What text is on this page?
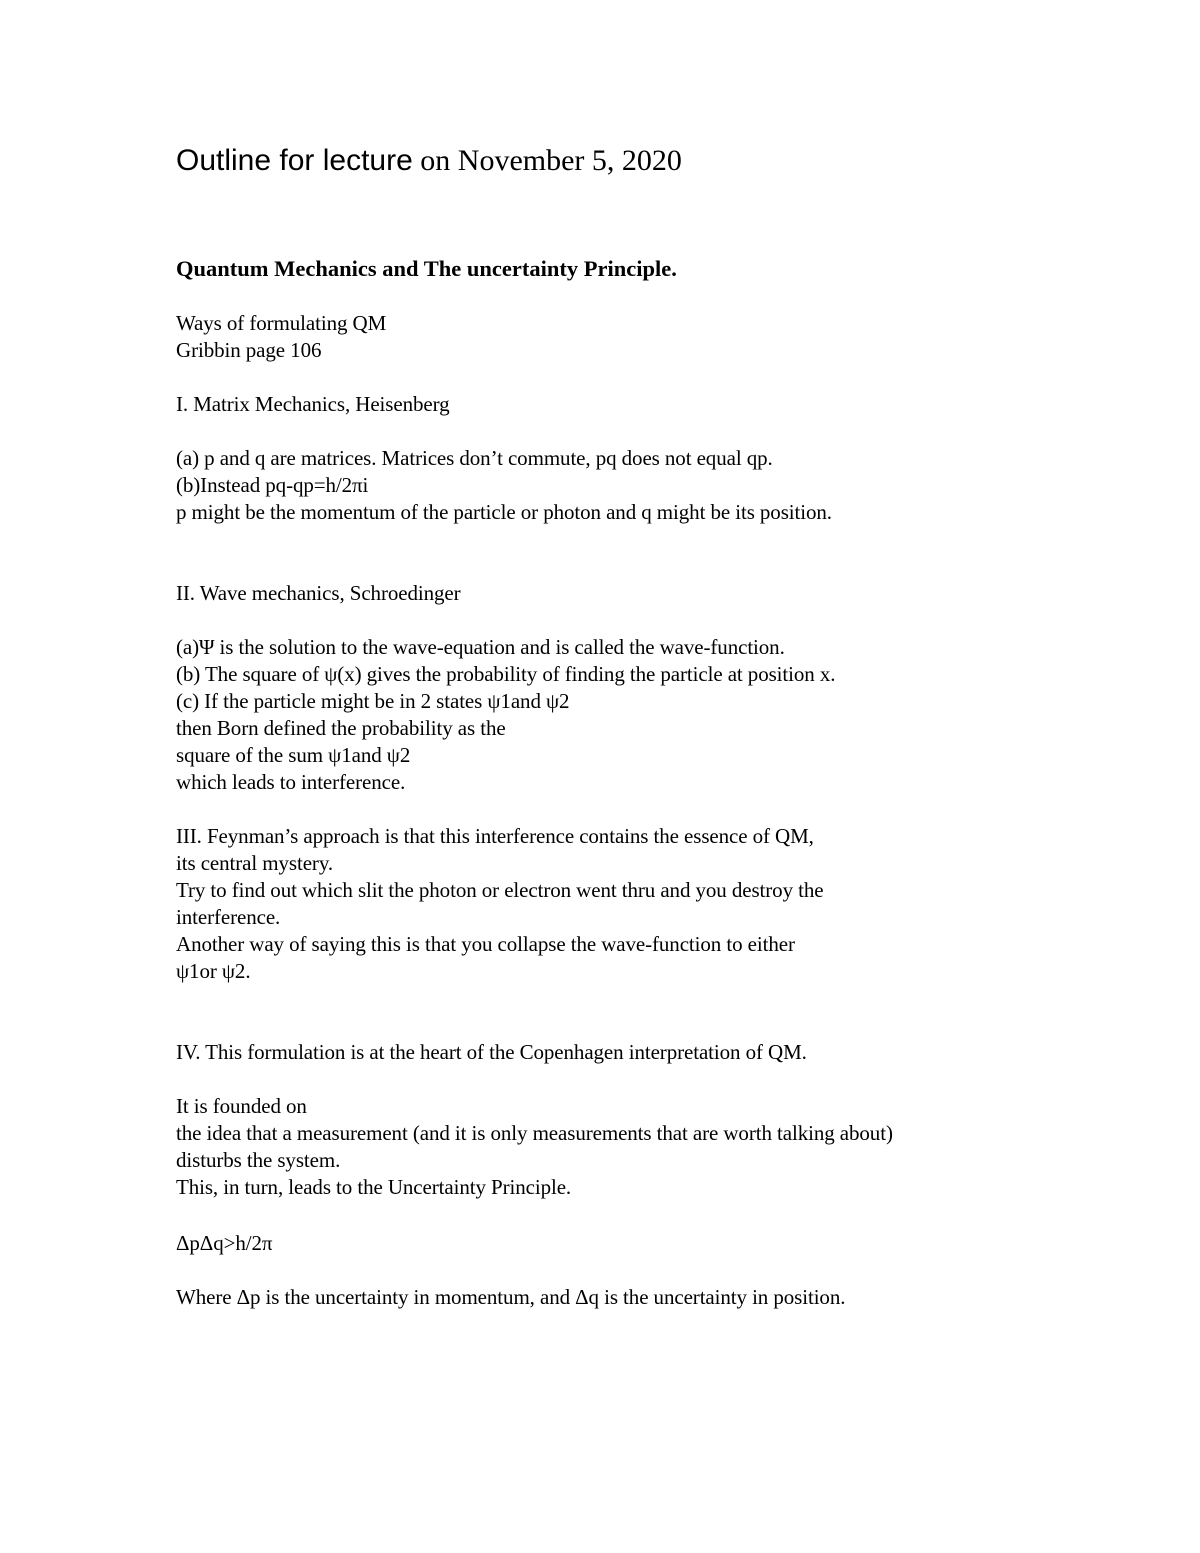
Outline for lecture on November 5, 2020
Quantum Mechanics and The uncertainty Principle.
Ways of formulating QM
Gribbin page 106
I. Matrix Mechanics, Heisenberg
(a) p and q are matrices. Matrices don’t commute, pq does not equal qp.
(b)Instead pq-qp=h/2πi
p might be the momentum of the particle or photon and q might be its position.
II. Wave mechanics, Schroedinger
(a)Ψ is the solution to the wave-equation and is called the wave-function.
(b) The square of ψ(x) gives the probability of finding the particle at position x.
(c) If the particle might be in 2 states ψ1and ψ2
then Born defined the probability as the
square of the sum ψ1and ψ2
which leads to interference.
III. Feynman’s approach is that this interference contains the essence of QM,
its central mystery.
Try to find out which slit the photon or electron went thru and you destroy the
interference.
Another way of saying this is that you collapse the wave-function to either
ψ1or ψ2.
IV. This formulation is at the heart of the Copenhagen interpretation of QM.
It is founded on
the idea that a measurement (and it is only measurements that are worth talking about)
disturbs the system.
This, in turn, leads to the Uncertainty Principle.
ΔpΔq>h/2π
Where Δp is the uncertainty in momentum, and Δq is the uncertainty in position.
